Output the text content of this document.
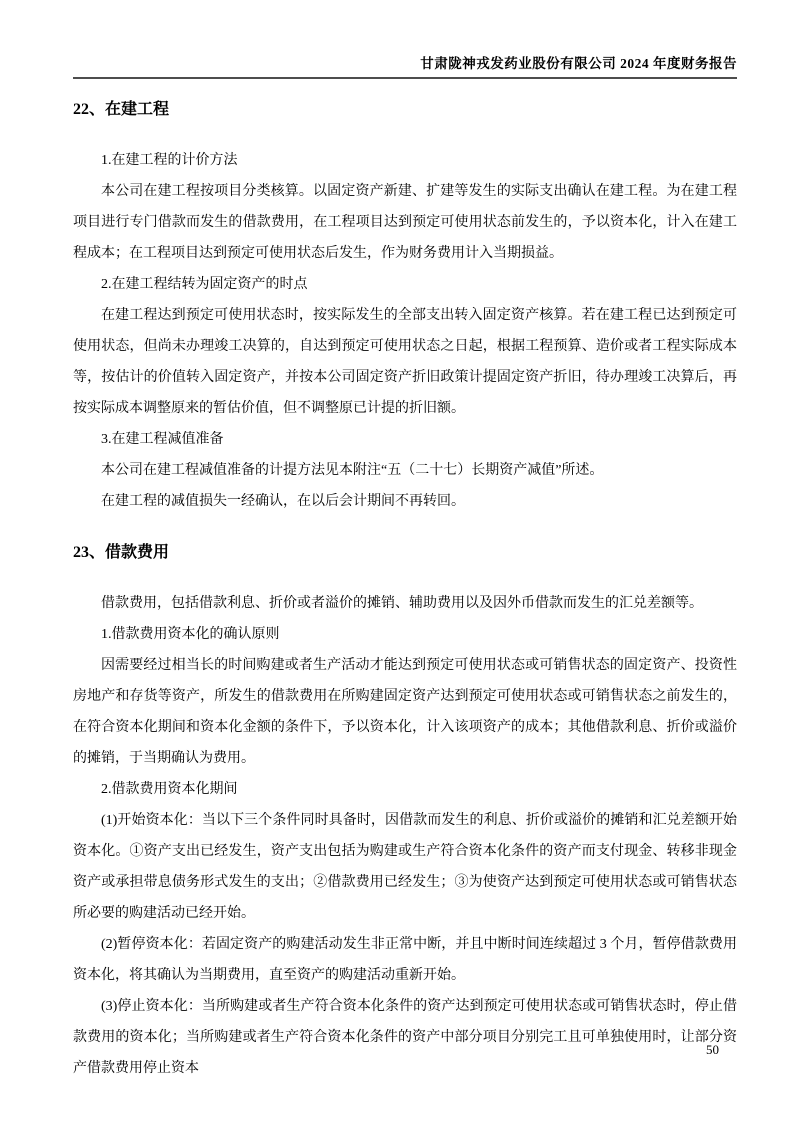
甘肃陇神戎发药业股份有限公司 2024 年度财务报告
22、在建工程

1.在建工程的计价方法

本公司在建工程按项目分类核算。以固定资产新建、扩建等发生的实际支出确认在建工程。为在建工程项目进行专门借款而发生的借款费用，在工程项目达到预定可使用状态前发生的，予以资本化，计入在建工程成本；在工程项目达到预定可使用状态后发生，作为财务费用计入当期损益。

2.在建工程结转为固定资产的时点

在建工程达到预定可使用状态时，按实际发生的全部支出转入固定资产核算。若在建工程已达到预定可使用状态，但尚未办理竣工决算的，自达到预定可使用状态之日起，根据工程预算、造价或者工程实际成本等，按估计的价值转入固定资产，并按本公司固定资产折旧政策计提固定资产折旧，待办理竣工决算后，再按实际成本调整原来的暂估价值，但不调整原已计提的折旧额。

3.在建工程减值准备

本公司在建工程减值准备的计提方法见本附注“五（二十七）长期资产减值”所述。

在建工程的减值损失一经确认，在以后会计期间不再转回。

23、借款费用

借款费用，包括借款利息、折价或者溢价的摊销、辅助费用以及因外币借款而发生的汇兑差额等。

1.借款费用资本化的确认原则

因需要经过相当长的时间购建或者生产活动才能达到预定可使用状态或可销售状态的固定资产、投资性房地产和存货等资产，所发生的借款费用在所购建固定资产达到预定可使用状态或可销售状态之前发生的，在符合资本化期间和资本化金额的条件下，予以资本化，计入该项资产的成本；其他借款利息、折价或溢价的摊销，于当期确认为费用。

2.借款费用资本化期间

(1)开始资本化：当以下三个条件同时具备时，因借款而发生的利息、折价或溢价的摊销和汇兑差额开始资本化。①资产支出已经发生，资产支出包括为购建或生产符合资本化条件的资产而支付现金、转移非现金资产或承担带息债务形式发生的支出；②借款费用已经发生；③为使资产达到预定可使用状态或可销售状态所必要的购建活动已经开始。

(2)暂停资本化：若固定资产的购建活动发生非正常中断，并且中断时间连续超过 3 个月，暂停借款费用资本化，将其确认为当期费用，直至资产的购建活动重新开始。

(3)停止资本化：当所购建或者生产符合资本化条件的资产达到预定可使用状态或可销售状态时，停止借款费用的资本化；当所购建或者生产符合资本化条件的资产中部分项目分别完工且可单独使用时，让部分资产借款费用停止资本

50
